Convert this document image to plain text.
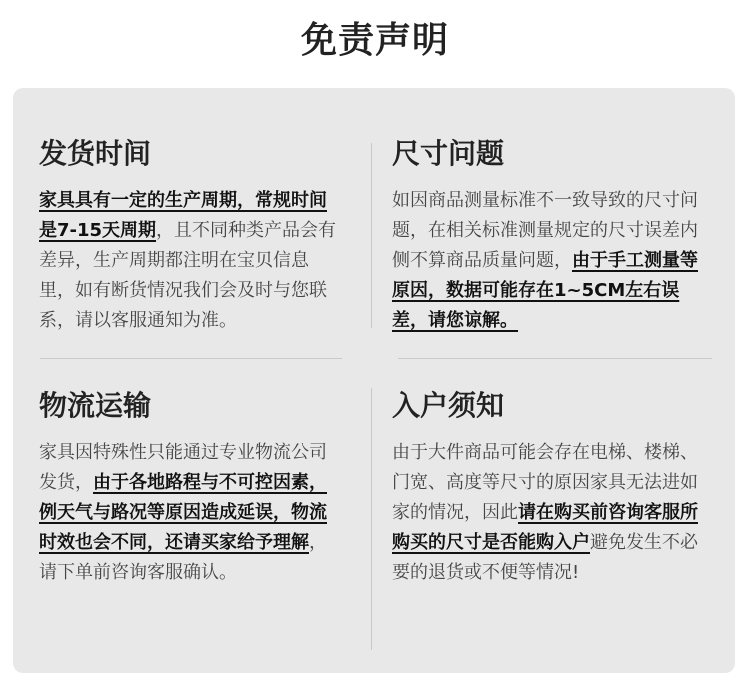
免责声明
发货时间

家具具有一定的生产周期，常规时间是7-15天周期，且不同种类产品会有差异，生产周期都注明在宝贝信息里，如有断货情况我们会及时与您联系，请以客服通知为准。

尺寸问题

如因商品测量标准不一致导致的尺寸问题，在相关标准测量规定的尺寸误差内侧不算商品质量问题，由于手工测量等原因，数据可能存在1~5CM左右误差，请您谅解。

物流运输

家具因特殊性只能通过专业物流公司发货，由于各地路程与不可控因素，例天气与路况等原因造成延误，物流时效也会不同，还请买家给予理解，请下单前咨询客服确认。

入户须知

由于大件商品可能会存在电梯、楼梯、门宽、高度等尺寸的原因家具无法进如家的情况，因此请在购买前咨询客服所购买的尺寸是否能购入户避免发生不必要的退货或不便等情况!
